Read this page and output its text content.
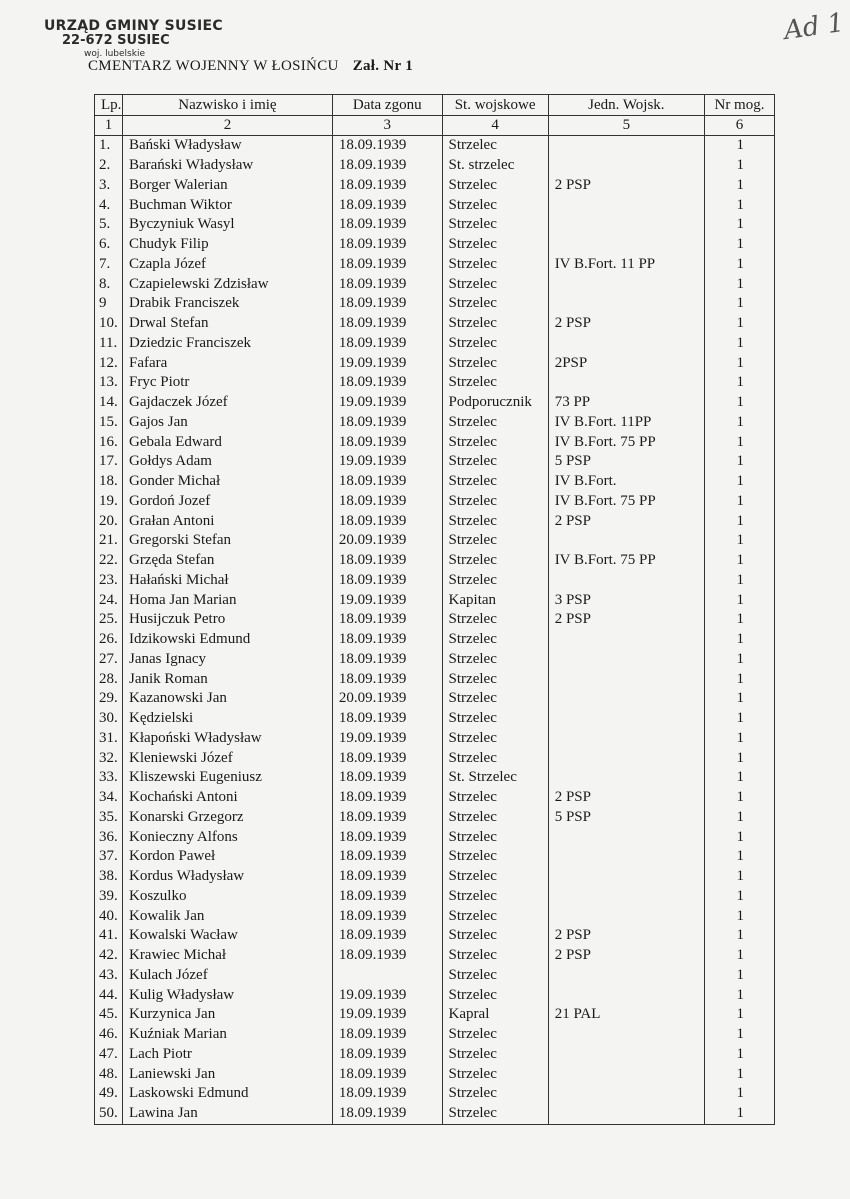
URZĄD GMINY SUSIEC
22-672 SUSIEC
woj. lubelskie
CMENTARZ WOJENNY W ŁOSIŃCU Zał. Nr 1
Ad 1
Lp.	Nazwisko i imię	Data zgonu	St. wojskowe	Jedn. Wojsk.	Nr mog.
1	2	3	4	5	6
1.	Bański Władysław	18.09.1939	Strzelec		1
2.	Barański Władysław	18.09.1939	St. strzelec		1
3.	Borger Walerian	18.09.1939	Strzelec	2 PSP	1
4.	Buchman Wiktor	18.09.1939	Strzelec		1
5.	Byczyniuk Wasyl	18.09.1939	Strzelec		1
6.	Chudyk Filip	18.09.1939	Strzelec		1
7.	Czapla Józef	18.09.1939	Strzelec	IV B.Fort. 11 PP	1
8.	Czapielewski Zdzisław	18.09.1939	Strzelec		1
9	Drabik Franciszek	18.09.1939	Strzelec		1
10.	Drwal Stefan	18.09.1939	Strzelec	2 PSP	1
11.	Dziedzic Franciszek	18.09.1939	Strzelec		1
12.	Fafara	19.09.1939	Strzelec	2PSP	1
13.	Fryc Piotr	18.09.1939	Strzelec		1
14.	Gajdaczek Józef	19.09.1939	Podporucznik	73 PP	1
15.	Gajos Jan	18.09.1939	Strzelec	IV B.Fort. 11PP	1
16.	Gebala Edward	18.09.1939	Strzelec	IV B.Fort. 75 PP	1
17.	Gołdys Adam	19.09.1939	Strzelec	5 PSP	1
18.	Gonder Michał	18.09.1939	Strzelec	IV B.Fort.	1
19.	Gordoń Jozef	18.09.1939	Strzelec	IV B.Fort. 75 PP	1
20.	Grałan Antoni	18.09.1939	Strzelec	2 PSP	1
21.	Gregorski Stefan	20.09.1939	Strzelec		1
22.	Grzęda Stefan	18.09.1939	Strzelec	IV B.Fort. 75 PP	1
23.	Hałański Michał	18.09.1939	Strzelec		1
24.	Homa Jan Marian	19.09.1939	Kapitan	3 PSP	1
25.	Husijczuk Petro	18.09.1939	Strzelec	2 PSP	1
26.	Idzikowski Edmund	18.09.1939	Strzelec		1
27.	Janas Ignacy	18.09.1939	Strzelec		1
28.	Janik Roman	18.09.1939	Strzelec		1
29.	Kazanowski Jan	20.09.1939	Strzelec		1
30.	Kędzielski	18.09.1939	Strzelec		1
31.	Kłapoński Władysław	19.09.1939	Strzelec		1
32.	Kleniewski Józef	18.09.1939	Strzelec		1
33.	Kliszewski Eugeniusz	18.09.1939	St. Strzelec		1
34.	Kochański Antoni	18.09.1939	Strzelec	2 PSP	1
35.	Konarski Grzegorz	18.09.1939	Strzelec	5 PSP	1
36.	Konieczny Alfons	18.09.1939	Strzelec		1
37.	Kordon Paweł	18.09.1939	Strzelec		1
38.	Kordus Władysław	18.09.1939	Strzelec		1
39.	Koszulko	18.09.1939	Strzelec		1
40.	Kowalik Jan	18.09.1939	Strzelec		1
41.	Kowalski Wacław	18.09.1939	Strzelec	2 PSP	1
42.	Krawiec Michał	18.09.1939	Strzelec	2 PSP	1
43.	Kulach Józef		Strzelec		1
44.	Kulig Władysław	19.09.1939	Strzelec		1
45.	Kurzynica Jan	19.09.1939	Kapral	21 PAL	1
46.	Kuźniak Marian	18.09.1939	Strzelec		1
47.	Lach Piotr	18.09.1939	Strzelec		1
48.	Laniewski Jan	18.09.1939	Strzelec		1
49.	Laskowski Edmund	18.09.1939	Strzelec		1
50.	Lawina Jan	18.09.1939	Strzelec		1
